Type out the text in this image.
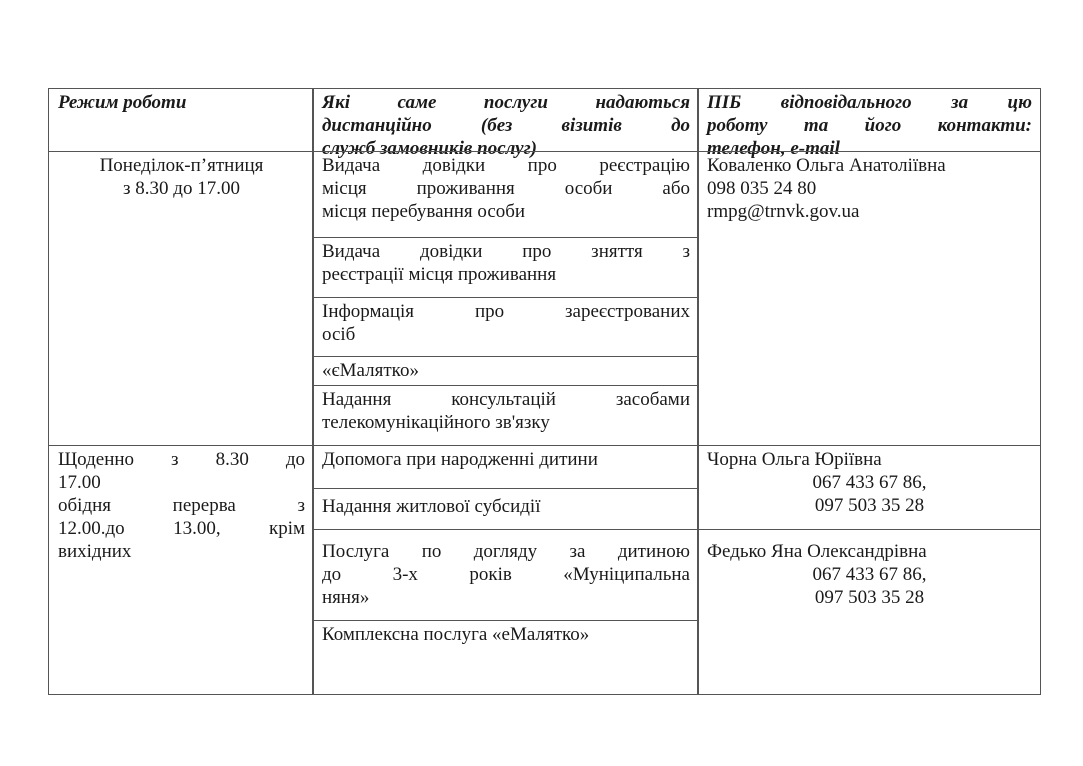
Режим роботи	Які саме послуги надаються
дистанційно (без візитів до
служб замовників послуг)
ПІБ відповідального за цю
роботу та його контакти:
телефон, e-mail
Понеділок-п’ятниця
з 8.30 до 17.00
Видача довідки про реєстрацію
місця проживання особи або
місця перебування особи
Видача довідки про зняття з
реєстрації місця проживання
Інформація про зареєстрованих
осіб
«єМалятко»
Надання консультацій засобами
телекомунікаційного зв'язку
Коваленко Ольга Анатоліївна
098 035 24 80
rmpg@trnvk.gov.ua
Щоденно з 8.30 до
17.00
обідня перерва з
12.00.до 13.00, крім
вихідних
Допомога при народженні дитини
Надання житлової субсидії
Послуга по догляду за дитиною
до 3-х років «Муніципальна
няня»
Комплексна послуга «еМалятко»
Чорна Ольга Юріївна
067 433 67 86,
097 503 35 28
Федько Яна Олександрівна
067 433 67 86,
097 503 35 28
